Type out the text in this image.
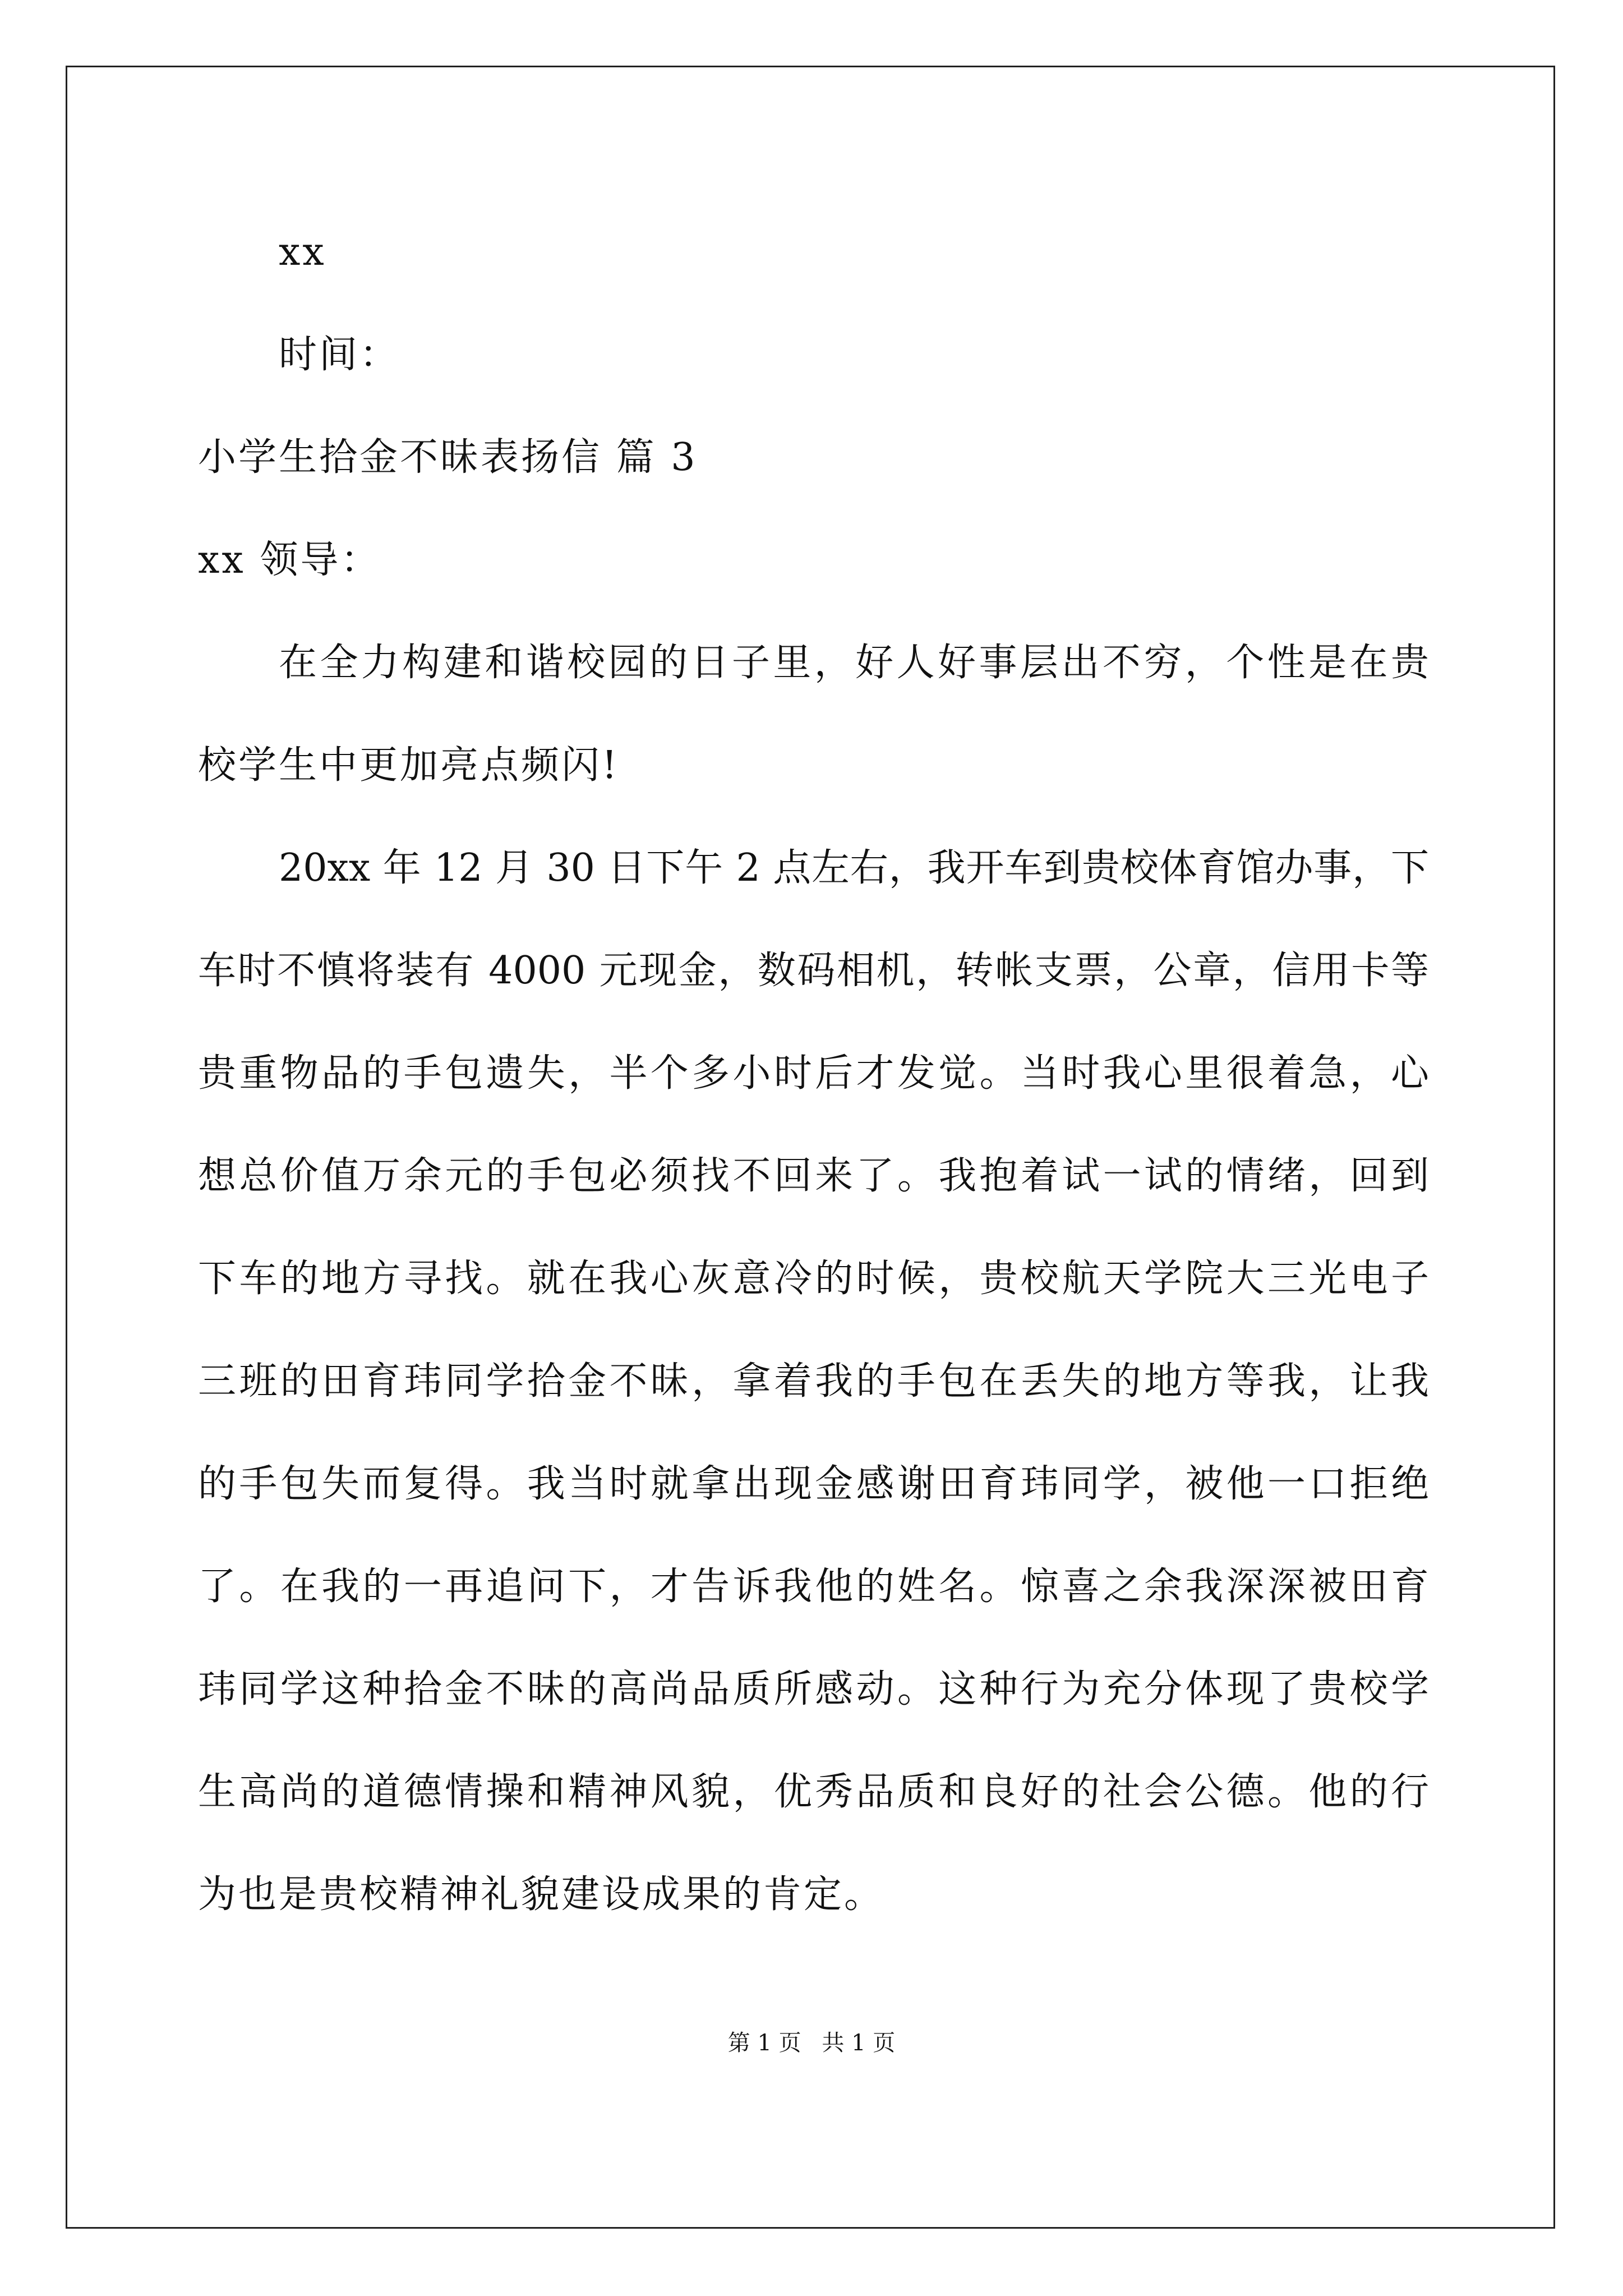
xx
时间：
小学生拾金不昧表扬信 篇 3
xx 领导：
在全力构建和谐校园的日子里，好人好事层出不穷，个性是在贵
校学生中更加亮点频闪!
20xx 年 12 月 30 日下午 2 点左右，我开车到贵校体育馆办事，下
车时不慎将装有 4000 元现金，数码相机，转帐支票，公章，信用卡等
贵重物品的手包遗失，半个多小时后才发觉。当时我心里很着急，心
想总价值万余元的手包必须找不回来了。我抱着试一试的情绪，回到
下车的地方寻找。就在我心灰意冷的时候，贵校航天学院大三光电子
三班的田育玮同学拾金不昧，拿着我的手包在丢失的地方等我，让我
的手包失而复得。我当时就拿出现金感谢田育玮同学，被他一口拒绝
了。在我的一再追问下，才告诉我他的姓名。惊喜之余我深深被田育
玮同学这种拾金不昧的高尚品质所感动。这种行为充分体现了贵校学
生高尚的道德情操和精神风貌，优秀品质和良好的社会公德。他的行
为也是贵校精神礼貌建设成果的肯定。
第 1 页 共 1 页
